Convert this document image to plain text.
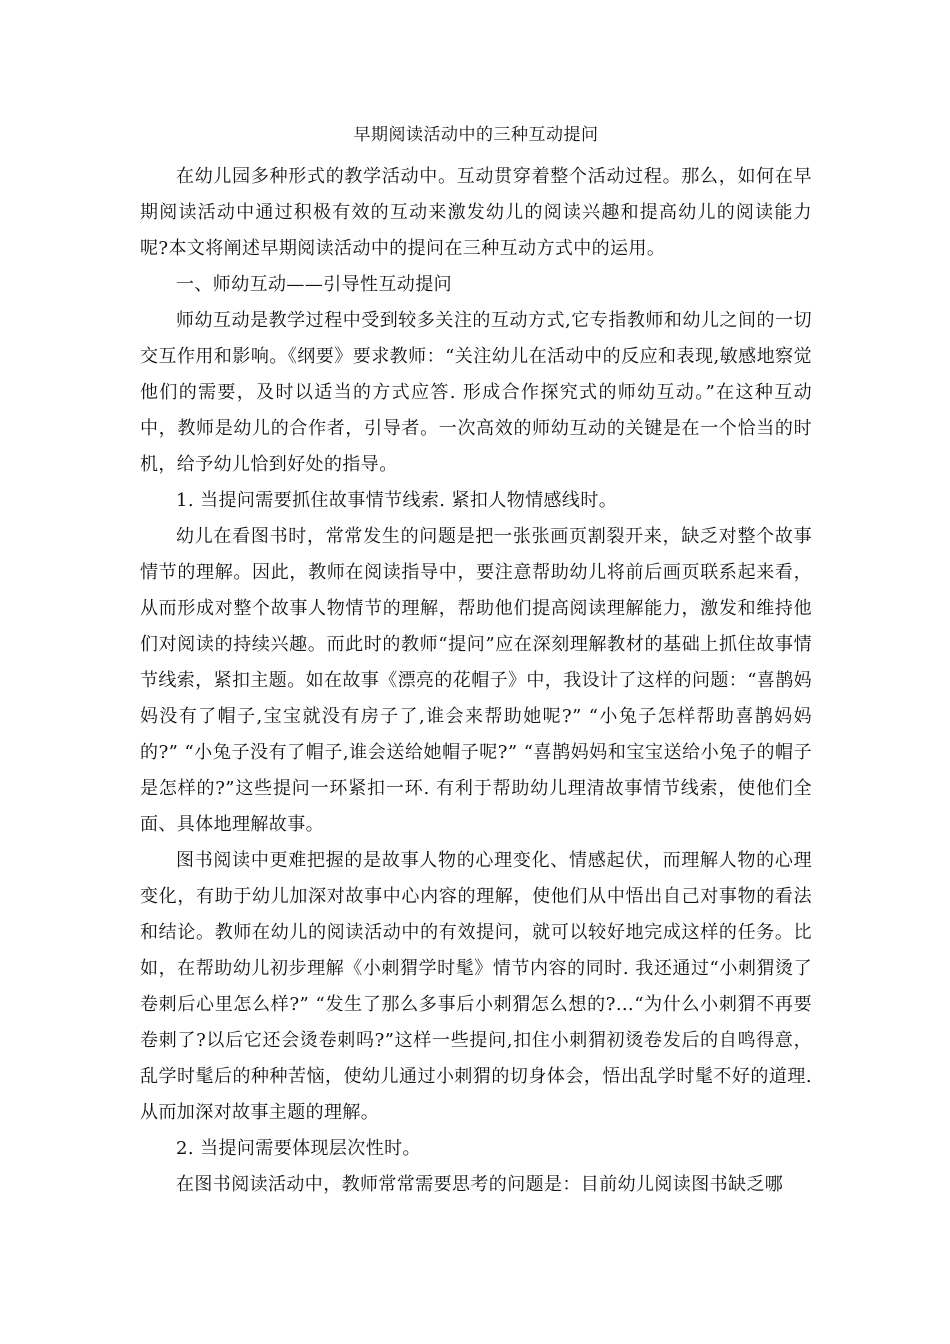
早期阅读活动中的三种互动提问

在幼儿园多种形式的教学活动中。互动贯穿着整个活动过程。那么，如何在早期阅读活动中通过积极有效的互动来激发幼儿的阅读兴趣和提高幼儿的阅读能力呢?本文将阐述早期阅读活动中的提问在三种互动方式中的运用。

一、师幼互动——引导性互动提问

师幼互动是教学过程中受到较多关注的互动方式,它专指教师和幼儿之间的一切交互作用和影响。《纲要》要求教师：“关注幼儿在活动中的反应和表现,敏感地察觉他们的需要，及时以适当的方式应答. 形成合作探究式的师幼互动。”在这种互动中，教师是幼儿的合作者，引导者。一次高效的师幼互动的关键是在一个恰当的时机，给予幼儿恰到好处的指导。

1. 当提问需要抓住故事情节线索. 紧扣人物情感线时。

幼儿在看图书时，常常发生的问题是把一张张画页割裂开来，缺乏对整个故事情节的理解。因此，教师在阅读指导中，要注意帮助幼儿将前后画页联系起来看，从而形成对整个故事人物情节的理解，帮助他们提高阅读理解能力，激发和维持他们对阅读的持续兴趣。而此时的教师“提问”应在深刻理解教材的基础上抓住故事情节线索，紧扣主题。如在故事《漂亮的花帽子》中，我设计了这样的问题：“喜鹊妈妈没有了帽子,宝宝就没有房子了,谁会来帮助她呢?” “小兔子怎样帮助喜鹊妈妈的?” “小兔子没有了帽子,谁会送给她帽子呢?” “喜鹊妈妈和宝宝送给小兔子的帽子是怎样的?”这些提问一环紧扣一环. 有利于帮助幼儿理清故事情节线索，使他们全面、具体地理解故事。

图书阅读中更难把握的是故事人物的心理变化、情感起伏，而理解人物的心理变化，有助于幼儿加深对故事中心内容的理解，使他们从中悟出自己对事物的看法和结论。教师在幼儿的阅读活动中的有效提问，就可以较好地完成这样的任务。比如，在帮助幼儿初步理解《小刺猬学时髦》情节内容的同时. 我还通过“小刺猬烫了卷刺后心里怎么样?” “发生了那么多事后小刺猬怎么想的?…“为什么小刺猬不再要卷刺了?以后它还会烫卷刺吗?”这样一些提问,扣住小刺猬初烫卷发后的自鸣得意，乱学时髦后的种种苦恼，使幼儿通过小刺猬的切身体会，悟出乱学时髦不好的道理. 从而加深对故事主题的理解。

2. 当提问需要体现层次性时。

在图书阅读活动中，教师常常需要思考的问题是：目前幼儿阅读图书缺乏哪
